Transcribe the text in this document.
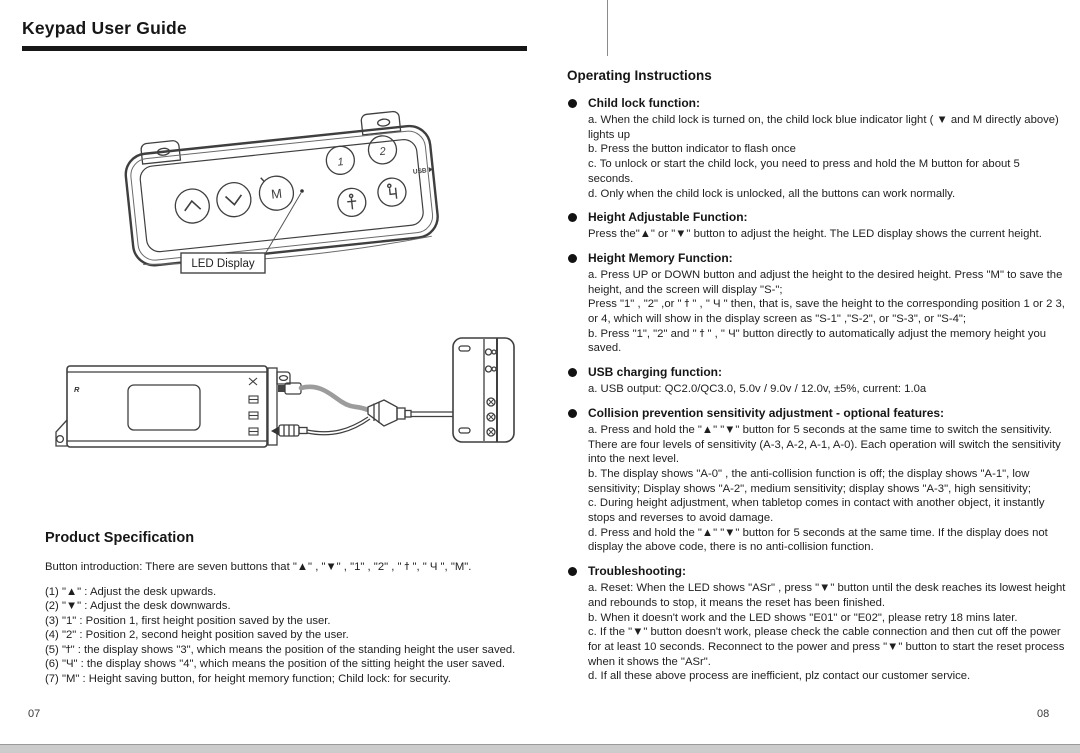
Keypad User Guide
M
1
2
USB
LED Display
R
Product Specification

Button introduction: There are seven buttons that "▲" , "▼" , "1" , "2" , " ϯ ", " Ч ", "M".

(1) "▲" : Adjust the desk upwards.
(2) "▼" : Adjust the desk downwards.
(3) "1" : Position 1, first height position saved by the user.
(4) "2" : Position 2, second height position saved by the user.
(5) "ϯ" : the display shows "3", which means the position of the standing height the user saved.
(6) "Ч" : the display shows "4", which means the position of the sitting height the user saved.
(7) "M" : Height saving button, for height memory function; Child lock: for security.
Operating Instructions

Child lock function:

a. When the child lock is turned on, the child lock blue indicator light ( ▼ and M directly above) lights up

b. Press the button indicator to flash once

c. To unlock or start the child lock, you need to press and hold the M button for about 5 seconds.

d. Only when the child lock is unlocked, all the buttons can work normally.

Height Adjustable Function:

Press the"▲" or "▼" button to adjust the height. The LED display shows the current height.

Height Memory Function:

a. Press UP or DOWN button and adjust the height to the desired height. Press "M" to save the height, and the screen will display "S-";

Press "1" , "2" ,or " ϯ " , " Ч " then, that is, save the height to the corresponding position 1 or 2 3, or 4, which will show in the display screen as "S-1" ,"S-2", or "S-3", or "S-4";

b. Press "1", "2" and " ϯ " , " Ч" button directly to automatically adjust the memory height you saved.

USB charging function:

a. USB output: QC2.0/QC3.0, 5.0v / 9.0v / 12.0v, ±5%, current: 1.0a

Collision prevention sensitivity adjustment - optional features:

a. Press and hold the "▲" "▼" button for 5 seconds at the same time to switch the sensitivity. There are four levels of sensitivity (A-3, A-2, A-1, A-0). Each operation will switch the sensitivity into the next level.

b. The display shows "A-0" , the anti-collision function is off; the display shows "A-1", low sensitivity; Display shows "A-2", medium sensitivity; display shows "A-3", high sensitivity;

c. During height adjustment, when tabletop comes in contact with another object, it instantly stops and reverses to avoid damage.

d. Press and hold the "▲" "▼" button for 5 seconds at the same time. If the display does not display the above code, there is no anti-collision function.

Troubleshooting:

a. Reset: When the LED shows "ASr" , press "▼" button until the desk reaches its lowest height and rebounds to stop, it means the reset has been finished.

b. When it doesn't work and the LED shows "E01" or "E02", please retry 18 mins later.

c. If the "▼" button doesn't work, please check the cable connection and then cut off the power for at least 10 seconds. Reconnect to the power and press "▼" button to start the reset process when it shows the "ASr".

d. If all these above process are inefficient, plz contact our customer service.

07	08
